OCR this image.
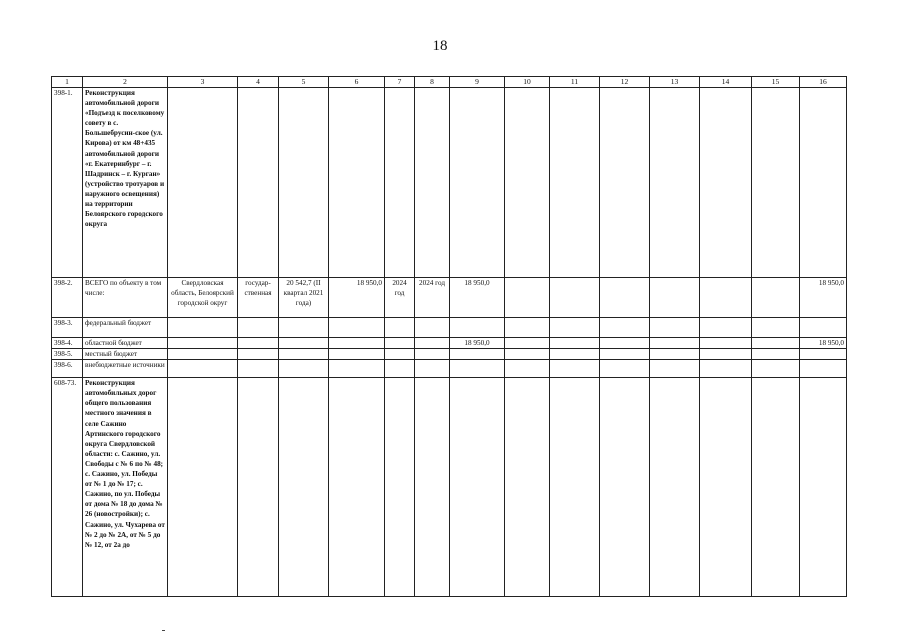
18
1	2	3	4	5	6	7	8	9	10	11	12	13	14	15	16
398-1.	Реконструкция автомобильной дороги «Подъезд к поселковому совету в с. Большебрусин-ское (ул. Кирова) от км 48+435 автомобильной дороги «г. Екатеринбург – г. Шадринск – г. Курган» (устройство тротуаров и наружного освещения) на территории Белоярского городского округа														
398-2.	ВСЕГО по объекту в том числе:	Свердловская область, Белоярский городской округ	государ-ственная	20 542,7 (II квартал 2021 года)	18 950,0	2024 год	2024 год	18 950,0							18 950,0
398-3.	федеральный бюджет														
398-4.	областной бюджет							18 950,0							18 950,0
398-5.	местный бюджет														
398-6.	внебюджетные источники														
608-73.	Реконструкция автомобильных дорог общего пользования местного значения в селе Сажино Артинского городского округа Свердловской области: с. Сажино, ул. Свободы с № 6 по № 48; с. Сажино, ул. Победы от № 1 до № 17; с. Сажино, по ул. Победы от дома № 18 до дома № 26 (новостройки); с. Сажино, ул. Чухарева от № 2 до № 2А, от № 5 до № 12, от 2а до														
